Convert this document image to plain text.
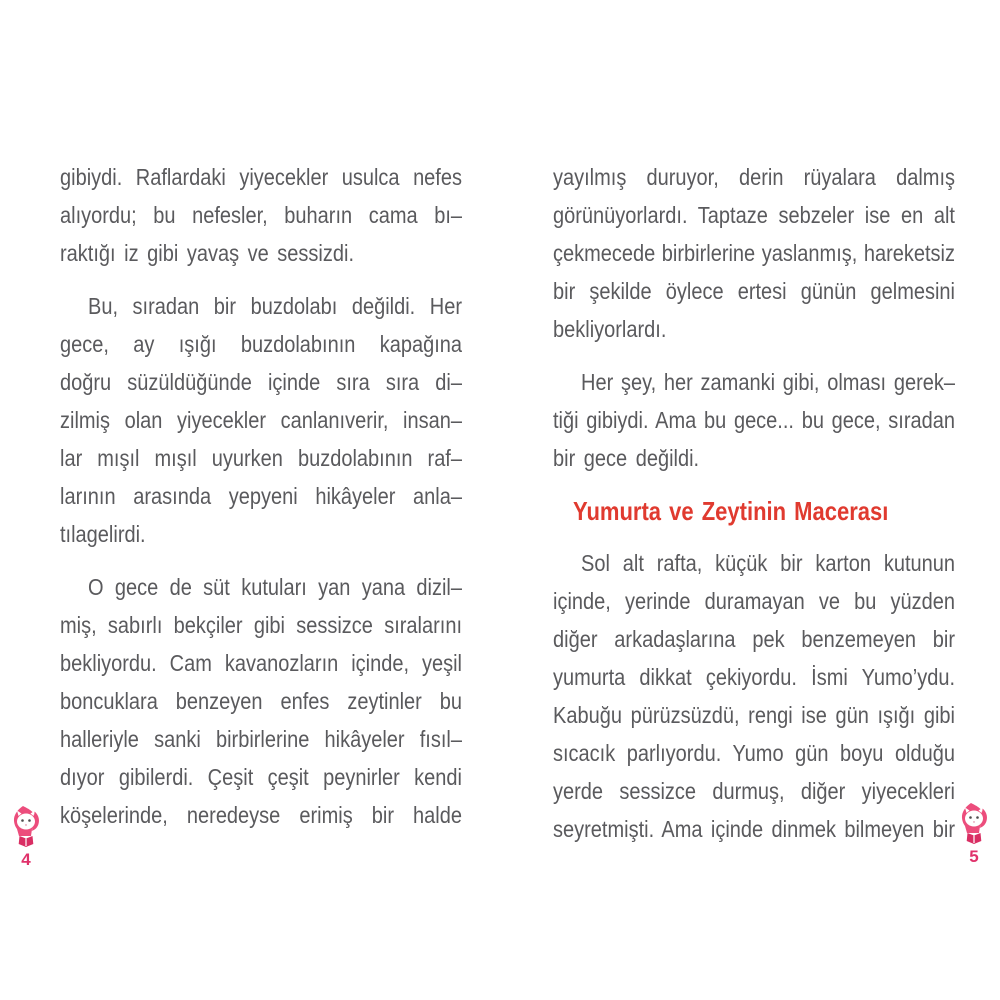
gibiydi. Raflardaki yiyecekler usulca nefes
alıyordu; bu nefesler, buharın cama bı–
raktığı iz gibi yavaş ve sessizdi.

Bu, sıradan bir buzdolabı değildi. Her
gece, ay ışığı buzdolabının kapağına
doğru süzüldüğünde içinde sıra sıra di–
zilmiş olan yiyecekler canlanıverir, insan–
lar mışıl mışıl uyurken buzdolabının raf–
larının arasında yepyeni hikâyeler anla–
tılagelirdi.

O gece de süt kutuları yan yana dizil–
miş, sabırlı bekçiler gibi sessizce sıralarını
bekliyordu. Cam kavanozların içinde, yeşil
boncuklara benzeyen enfes zeytinler bu
halleriyle sanki birbirlerine hikâyeler fısıl–
dıyor gibilerdi. Çeşit çeşit peynirler kendi
köşelerinde, neredeyse erimiş bir halde

yayılmış duruyor, derin rüyalara dalmış
görünüyorlardı. Taptaze sebzeler ise en alt
çekmecede birbirlerine yaslanmış, hareketsiz
bir şekilde öylece ertesi günün gelmesini
bekliyorlardı.

Her şey, her zamanki gibi, olması gerek–
tiği gibiydi. Ama bu gece... bu gece, sıradan
bir gece değildi.

Yumurta ve Zeytinin Macerası

Sol alt rafta, küçük bir karton kutunun
içinde, yerinde duramayan ve bu yüzden
diğer arkadaşlarına pek benzemeyen bir
yumurta dikkat çekiyordu. İsmi Yumo’ydu.
Kabuğu pürüzsüzdü, rengi ise gün ışığı gibi
sıcacık parlıyordu. Yumo gün boyu olduğu
yerde sessizce durmuş, diğer yiyecekleri
seyretmişti. Ama içinde dinmek bilmeyen bir

4	5
